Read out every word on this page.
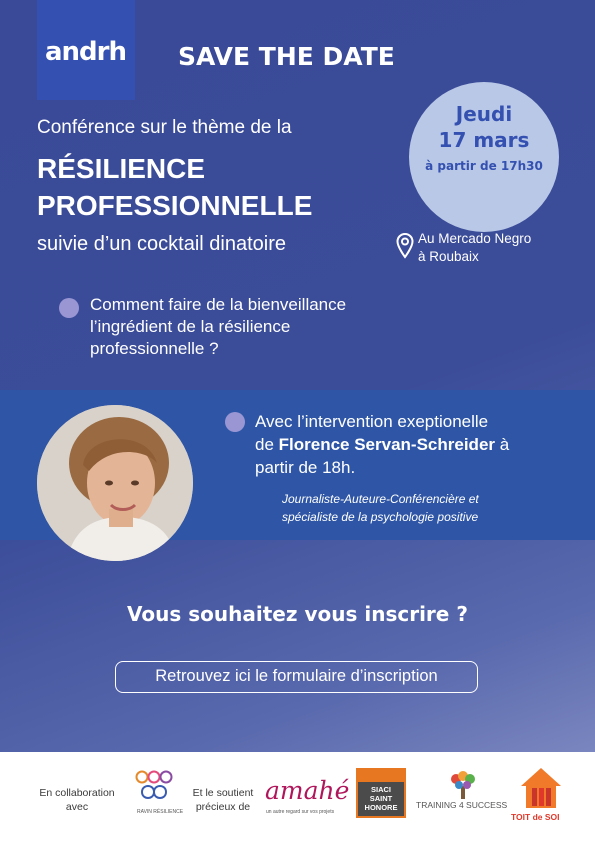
andrh SAVE THE DATE
Conférence sur le thème de la
RÉSILIENCE
PROFESSIONNELLE
suivie d’un cocktail dinatoire
Jeudi
17 mars
à partir de 17h30
Au Mercado Negro
à Roubaix
Comment faire de la bienveillance
l’ingrédient de la résilience
professionnelle ?
Avec l’intervention exeptionelle
de Florence Servan-Schreider à
partir de 18h.
Journaliste-Auteure-Conférencière et
spécialiste de la psychologie positive
Vous souhaitez vous inscrire ?
Retrouvez ici le formulaire d’inscription
En collaboration
avec	RAVIN RÉSILIENCE
Et le soutient
précieux de
amahé
un autre regard sur vos projets
SIACI
SAINT
HONORE	TRAINING 4 SUCCESS
TOIT de SOI
